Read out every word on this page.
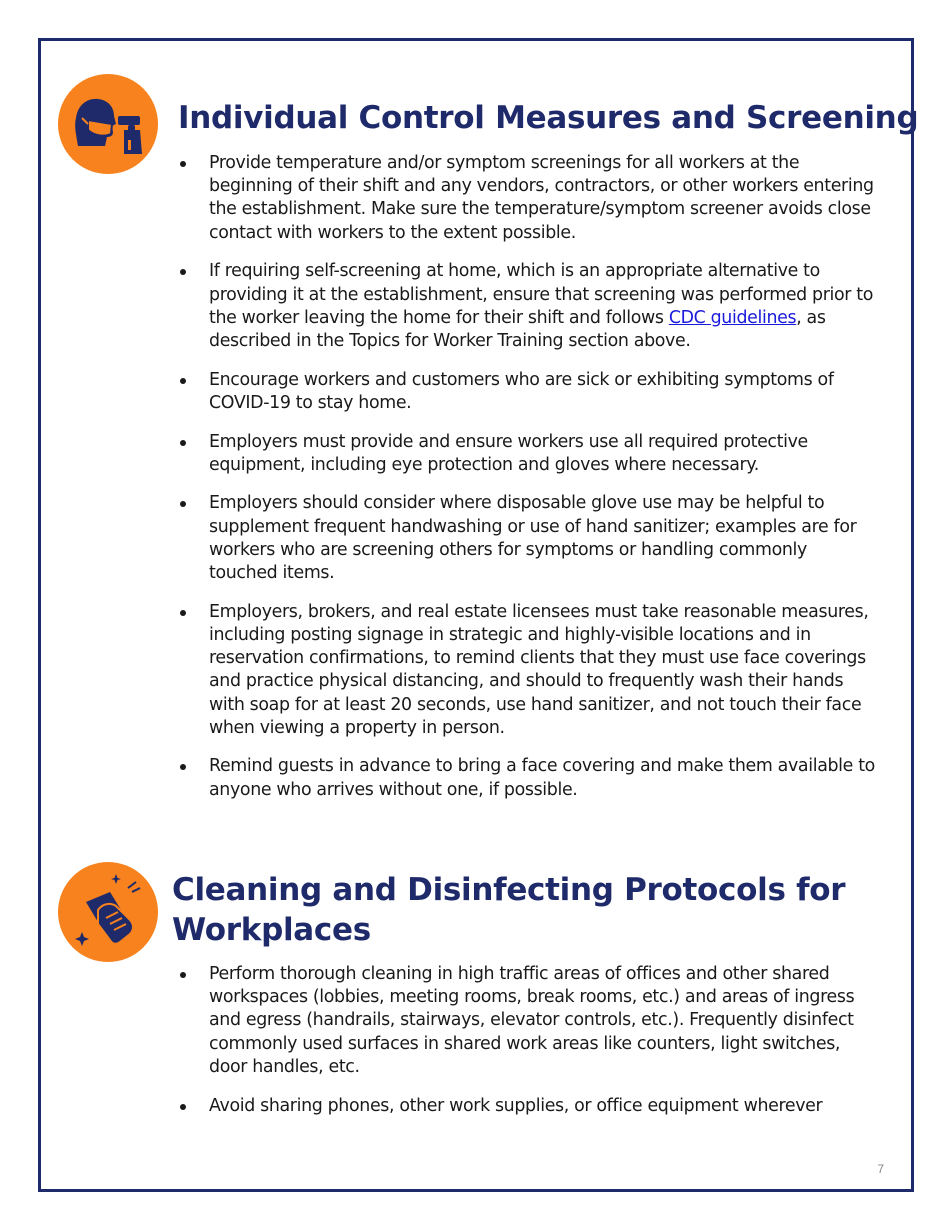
Individual Control Measures and Screening
Provide temperature and/or symptom screenings for all workers at the beginning of their shift and any vendors, contractors, or other workers entering the establishment. Make sure the temperature/symptom screener avoids close contact with workers to the extent possible.
If requiring self-screening at home, which is an appropriate alternative to providing it at the establishment, ensure that screening was performed prior to the worker leaving the home for their shift and follows CDC guidelines, as described in the Topics for Worker Training section above.
Encourage workers and customers who are sick or exhibiting symptoms of COVID-19 to stay home.
Employers must provide and ensure workers use all required protective equipment, including eye protection and gloves where necessary.
Employers should consider where disposable glove use may be helpful to supplement frequent handwashing or use of hand sanitizer; examples are for workers who are screening others for symptoms or handling commonly touched items.
Employers, brokers, and real estate licensees must take reasonable measures, including posting signage in strategic and highly-visible locations and in reservation confirmations, to remind clients that they must use face coverings and practice physical distancing, and should to frequently wash their hands with soap for at least 20 seconds, use hand sanitizer, and not touch their face when viewing a property in person.
Remind guests in advance to bring a face covering and make them available to anyone who arrives without one, if possible.
Cleaning and Disinfecting Protocols for
Workplaces
Perform thorough cleaning in high traffic areas of offices and other shared workspaces (lobbies, meeting rooms, break rooms, etc.) and areas of ingress and egress (handrails, stairways, elevator controls, etc.). Frequently disinfect commonly used surfaces in shared work areas like counters, light switches, door handles, etc.
Avoid sharing phones, other work supplies, or office equipment wherever
7
